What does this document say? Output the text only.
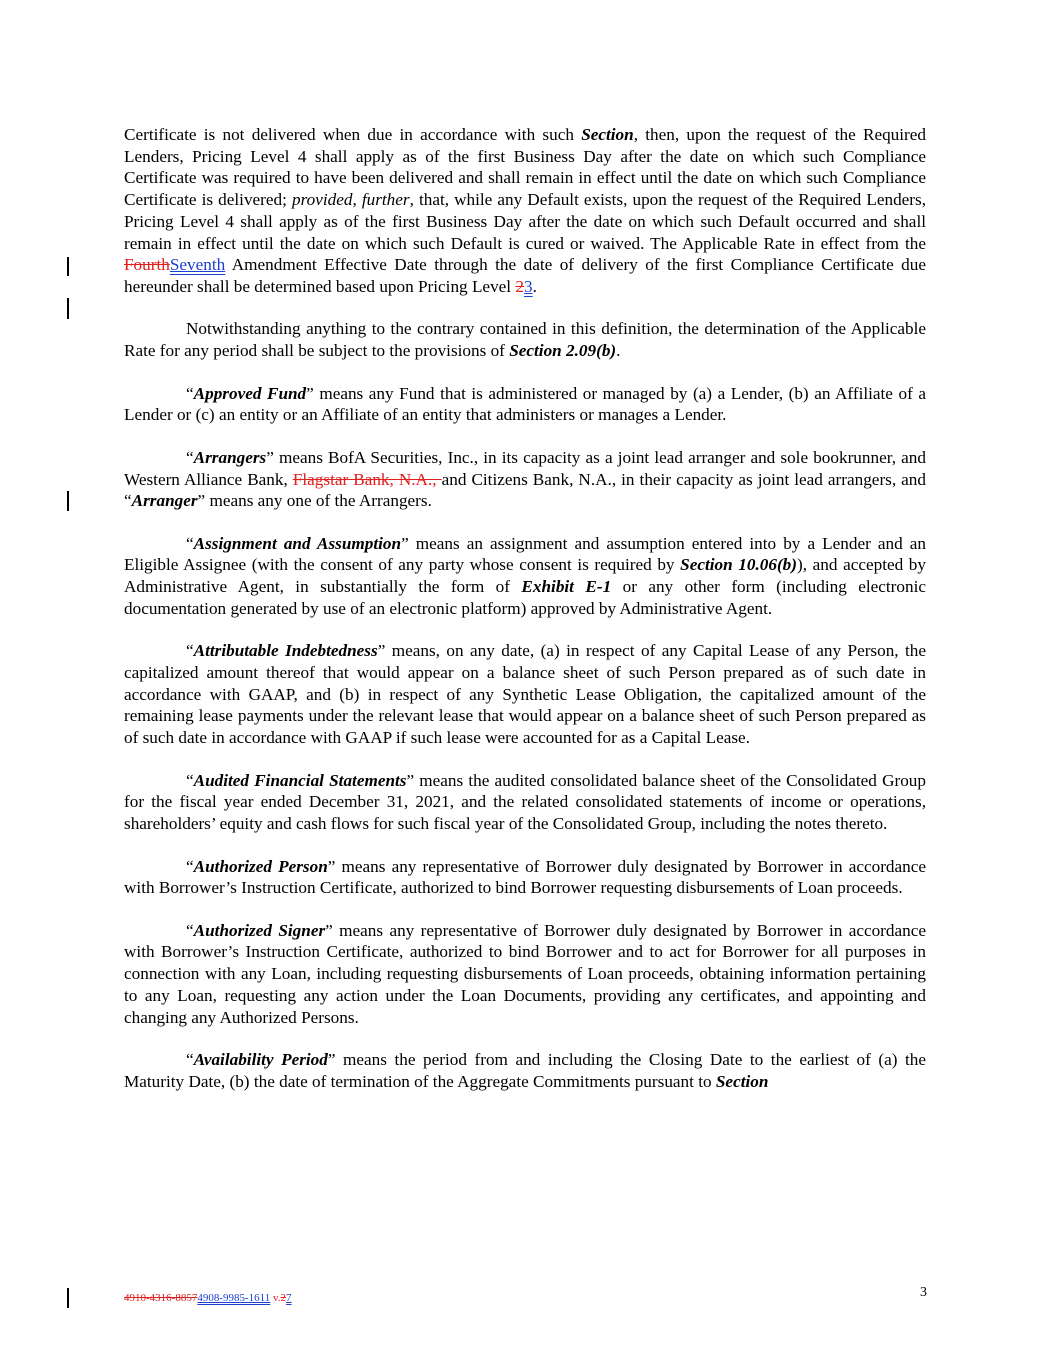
Certificate is not delivered when due in accordance with such Section, then, upon the request of the Required Lenders, Pricing Level 4 shall apply as of the first Business Day after the date on which such Compliance Certificate was required to have been delivered and shall remain in effect until the date on which such Compliance Certificate is delivered; provided, further, that, while any Default exists, upon the request of the Required Lenders, Pricing Level 4 shall apply as of the first Business Day after the date on which such Default occurred and shall remain in effect until the date on which such Default is cured or waived. The Applicable Rate in effect from the FourthSeventh Amendment Effective Date through the date of delivery of the first Compliance Certificate due hereunder shall be determined based upon Pricing Level 23.

Notwithstanding anything to the contrary contained in this definition, the determination of the Applicable Rate for any period shall be subject to the provisions of Section 2.09(b).

“Approved Fund” means any Fund that is administered or managed by (a) a Lender, (b) an Affiliate of a Lender or (c) an entity or an Affiliate of an entity that administers or manages a Lender.

“Arrangers” means BofA Securities, Inc., in its capacity as a joint lead arranger and sole bookrunner, and Western Alliance Bank, Flagstar Bank, N.A., and Citizens Bank, N.A., in their capacity as joint lead arrangers, and “Arranger” means any one of the Arrangers.

“Assignment and Assumption” means an assignment and assumption entered into by a Lender and an Eligible Assignee (with the consent of any party whose consent is required by Section 10.06(b)), and accepted by Administrative Agent, in substantially the form of Exhibit E-1 or any other form (including electronic documentation generated by use of an electronic platform) approved by Administrative Agent.

“Attributable Indebtedness” means, on any date, (a) in respect of any Capital Lease of any Person, the capitalized amount thereof that would appear on a balance sheet of such Person prepared as of such date in accordance with GAAP, and (b) in respect of any Synthetic Lease Obligation, the capitalized amount of the remaining lease payments under the relevant lease that would appear on a balance sheet of such Person prepared as of such date in accordance with GAAP if such lease were accounted for as a Capital Lease.

“Audited Financial Statements” means the audited consolidated balance sheet of the Consolidated Group for the fiscal year ended December 31, 2021, and the related consolidated statements of income or operations, shareholders’ equity and cash flows for such fiscal year of the Consolidated Group, including the notes thereto.

“Authorized Person” means any representative of Borrower duly designated by Borrower in accordance with Borrower’s Instruction Certificate, authorized to bind Borrower requesting disbursements of Loan proceeds.

“Authorized Signer” means any representative of Borrower duly designated by Borrower in accordance with Borrower’s Instruction Certificate, authorized to bind Borrower and to act for Borrower for all purposes in connection with any Loan, including requesting disbursements of Loan proceeds, obtaining information pertaining to any Loan, requesting any action under the Loan Documents, providing any certificates, and appointing and changing any Authorized Persons.

“Availability Period” means the period from and including the Closing Date to the earliest of (a) the Maturity Date, (b) the date of termination of the Aggregate Commitments pursuant to Section

4910-4316-88574908-9985-1611 v.27	3
